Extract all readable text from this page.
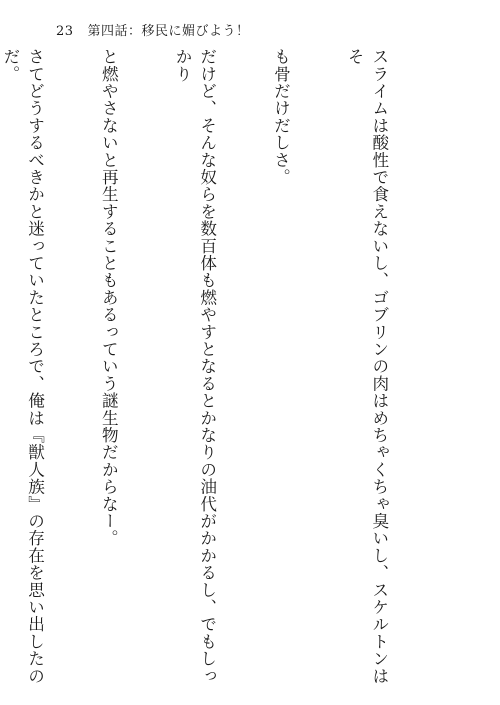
23 第四話：移民に媚びよう！

スライムは酸性で食えないし、ゴブリンの肉はめちゃくちゃ臭いし、スケルトンはそ

も骨だけだしさ。

だけど、そんな奴らを数百体も燃やすとなるとかなりの油代がかかるし、でもしっかり

と燃やさないと再生することもあるっていう謎生物だからなー。

さてどうするべきかと迷っていたところで、俺は『獣人族』の存在を思い出したのだ。
